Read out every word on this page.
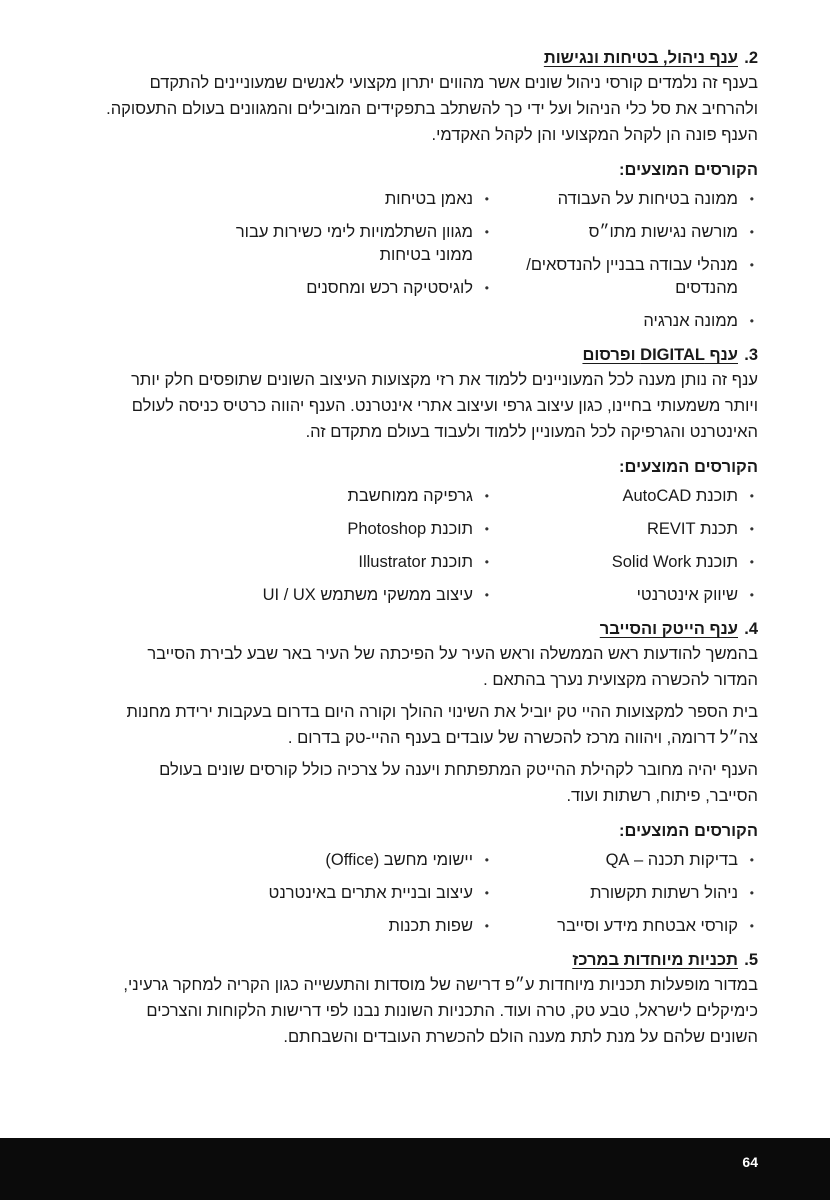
2.
ענף ניהול, בטיחות ונגישות

בענף זה נלמדים קורסי ניהול שונים אשר מהווים יתרון מקצועי לאנשים שמעוניינים להתקדם ולהרחיב את סל כלי הניהול ועל ידי כך להשתלב בתפקידים המובילים והמגוונים בעולם התעסוקה. הענף פונה הן לקהל המקצועי והן לקהל האקדמי.

הקורסים המוצעים:
• ממונה בטיחות על העבודה
• מורשה נגישות מתו״ס
• מנהלי עבודה בבניין להנדסאים/ מהנדסים
• ממונה אנרגיה
• נאמן בטיחות
• מגוון השתלמויות לימי כשירות עבור ממוני בטיחות
• לוגיסטיקה רכש ומחסנים
3.
ענף DIGITAL ופרסום

ענף זה נותן מענה לכל המעוניינים ללמוד את רזי מקצועות העיצוב השונים שתופסים חלק יותר ויותר משמעותי בחיינו, כגון עיצוב גרפי ועיצוב אתרי אינטרנט. הענף יהווה כרטיס כניסה לעולם האינטרנט והגרפיקה לכל המעוניין ללמוד ולעבוד בעולם מתקדם זה.

הקורסים המוצעים:
• תוכנת AutoCAD
• תכנת REVIT
• תוכנת Solid Work
• שיווק אינטרנטי
• גרפיקה ממוחשבת
• תוכנת Photoshop
• תוכנת Illustrator
• עיצוב ממשקי משתמש UI / UX
4.
ענף הייטק והסייבר

בהמשך להודעות ראש הממשלה וראש העיר על הפיכתה של העיר באר שבע לבירת הסייבר המדור להכשרה מקצועית נערך בהתאם .

בית הספר למקצועות ההיי טק יוביל את השינוי ההולך וקורה היום בדרום בעקבות ירידת מחנות צה״ל דרומה, ויהווה מרכז להכשרה של עובדים בענף ההיי-טק בדרום .

הענף יהיה מחובר לקהילת ההייטק המתפתחת ויענה על צרכיה כולל קורסים שונים בעולם הסייבר, פיתוח, רשתות ועוד.

הקורסים המוצעים:
• בדיקות תכנה – QA
• ניהול רשתות תקשורת
• קורסי אבטחת מידע וסייבר
• יישומי מחשב (Office)
• עיצוב ובניית אתרים באינטרנט
• שפות תכנות
5.
תכניות מיוחדות במרכז

במדור מופעלות תכניות מיוחדות ע״פ דרישה של מוסדות והתעשייה כגון הקריה למחקר גרעיני, כימיקלים לישראל, טבע טק, טרה ועוד. התכניות השונות נבנו לפי דרישות הלקוחות והצרכים השונים שלהם על מנת לתת מענה הולם להכשרת העובדים והשבחתם.

64
